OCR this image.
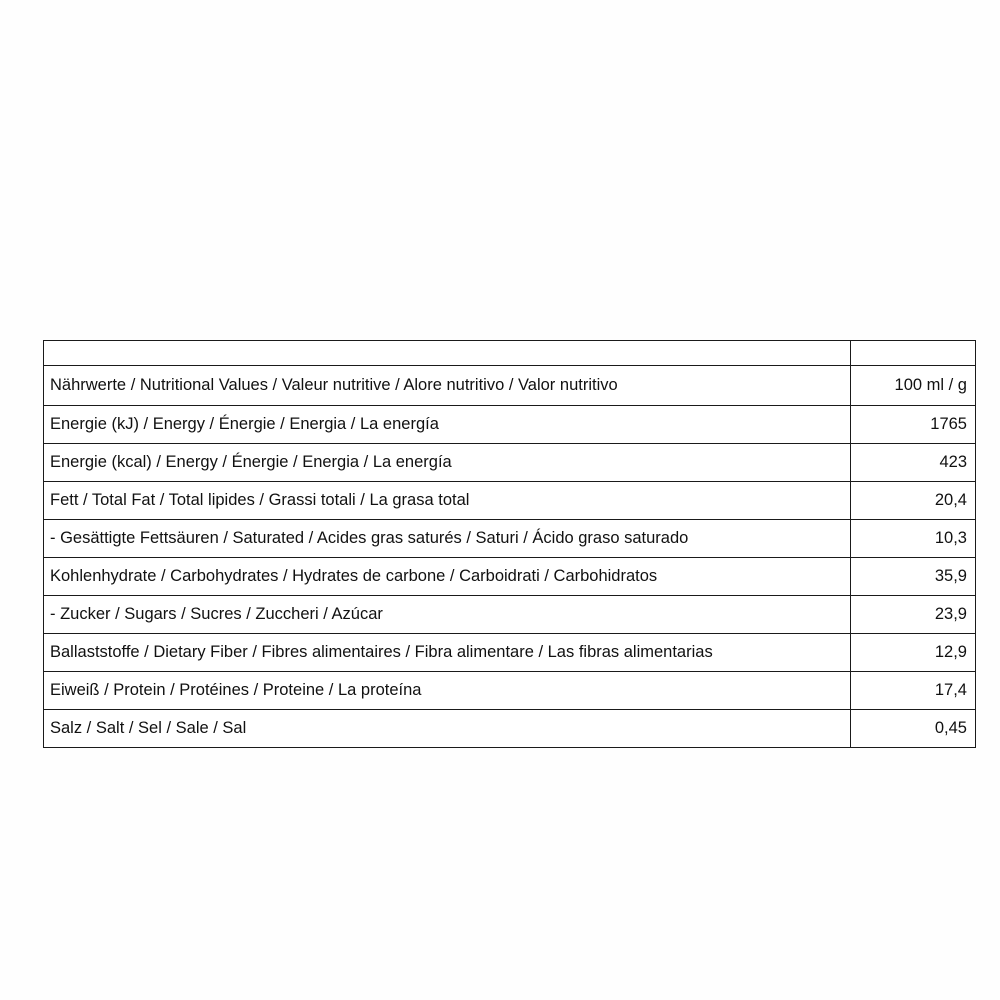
Nährwerte / Nutritional Values / Valeur nutritive / Alore nutritivo / Valor nutritivo	100 ml / g
Energie (kJ) / Energy / Énergie / Energia / La energía	1765
Energie (kcal) / Energy / Énergie / Energia / La energía	423
Fett / Total Fat / Total lipides / Grassi totali / La grasa total	20,4
- Gesättigte Fettsäuren / Saturated / Acides gras saturés / Saturi / Ácido graso saturado	10,3
Kohlenhydrate / Carbohydrates / Hydrates de carbone / Carboidrati / Carbohidratos	35,9
- Zucker / Sugars / Sucres / Zuccheri / Azúcar	23,9
Ballaststoffe / Dietary Fiber / Fibres alimentaires / Fibra alimentare / Las fibras alimentarias	12,9
Eiweiß / Protein / Protéines / Proteine / La proteína	17,4
Salz / Salt / Sel / Sale / Sal	0,45
